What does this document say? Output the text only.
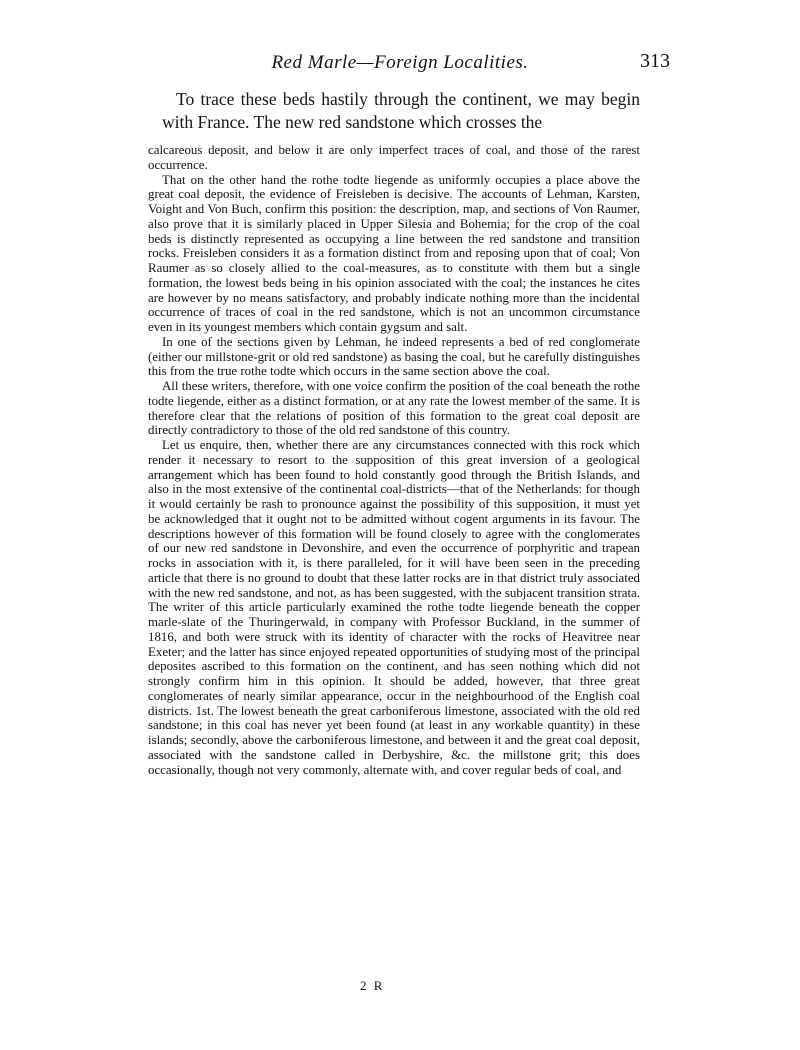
Red Marle—Foreign Localities.	313

To trace these beds hastily through the continent, we may begin with France. The new red sandstone which crosses the

calcareous deposit, and below it are only imperfect traces of coal, and those of the rarest occurrence.

That on the other hand the rothe todte liegende as uniformly occupies a place above the great coal deposit, the evidence of Freisleben is decisive. The accounts of Lehman, Karsten, Voight and Von Buch, confirm this position: the description, map, and sections of Von Raumer, also prove that it is similarly placed in Upper Silesia and Bohemia; for the crop of the coal beds is distinctly represented as occupying a line between the red sandstone and transition rocks. Freisleben considers it as a formation distinct from and reposing upon that of coal; Von Raumer as so closely allied to the coal-measures, as to constitute with them but a single formation, the lowest beds being in his opinion associated with the coal; the instances he cites are however by no means satisfactory, and probably indicate nothing more than the incidental occurrence of traces of coal in the red sandstone, which is not an uncommon circumstance even in its youngest members which contain gygsum and salt.

In one of the sections given by Lehman, he indeed represents a bed of red conglomerate (either our millstone-grit or old red sandstone) as basing the coal, but he carefully distinguishes this from the true rothe todte which occurs in the same section above the coal.

All these writers, therefore, with one voice confirm the position of the coal beneath the rothe todte liegende, either as a distinct formation, or at any rate the lowest member of the same. It is therefore clear that the relations of position of this formation to the great coal deposit are directly contradictory to those of the old red sandstone of this country.

Let us enquire, then, whether there are any circumstances connected with this rock which render it necessary to resort to the supposition of this great inversion of a geological arrangement which has been found to hold constantly good through the British Islands, and also in the most extensive of the continental coal-districts—that of the Netherlands: for though it would certainly be rash to pronounce against the possibility of this supposition, it must yet be acknowledged that it ought not to be admitted without cogent arguments in its favour. The descriptions however of this formation will be found closely to agree with the conglomerates of our new red sandstone in Devonshire, and even the occurrence of porphyritic and trapean rocks in association with it, is there paralleled, for it will have been seen in the preceding article that there is no ground to doubt that these latter rocks are in that district truly associated with the new red sandstone, and not, as has been suggested, with the subjacent transition strata. The writer of this article particularly examined the rothe todte liegende beneath the copper marle-slate of the Thuringerwald, in company with Professor Buckland, in the summer of 1816, and both were struck with its identity of character with the rocks of Heavitree near Exeter; and the latter has since enjoyed repeated opportunities of studying most of the principal deposites ascribed to this formation on the continent, and has seen nothing which did not strongly confirm him in this opinion. It should be added, however, that three great conglomerates of nearly similar appearance, occur in the neighbourhood of the English coal districts. 1st. The lowest beneath the great carboniferous limestone, associated with the old red sandstone; in this coal has never yet been found (at least in any workable quantity) in these islands; secondly, above the carboniferous limestone, and between it and the great coal deposit, associated with the sandstone called in Derbyshire, &c. the millstone grit; this does occasionally, though not very commonly, alternate with, and cover regular beds of coal, and

2 R
